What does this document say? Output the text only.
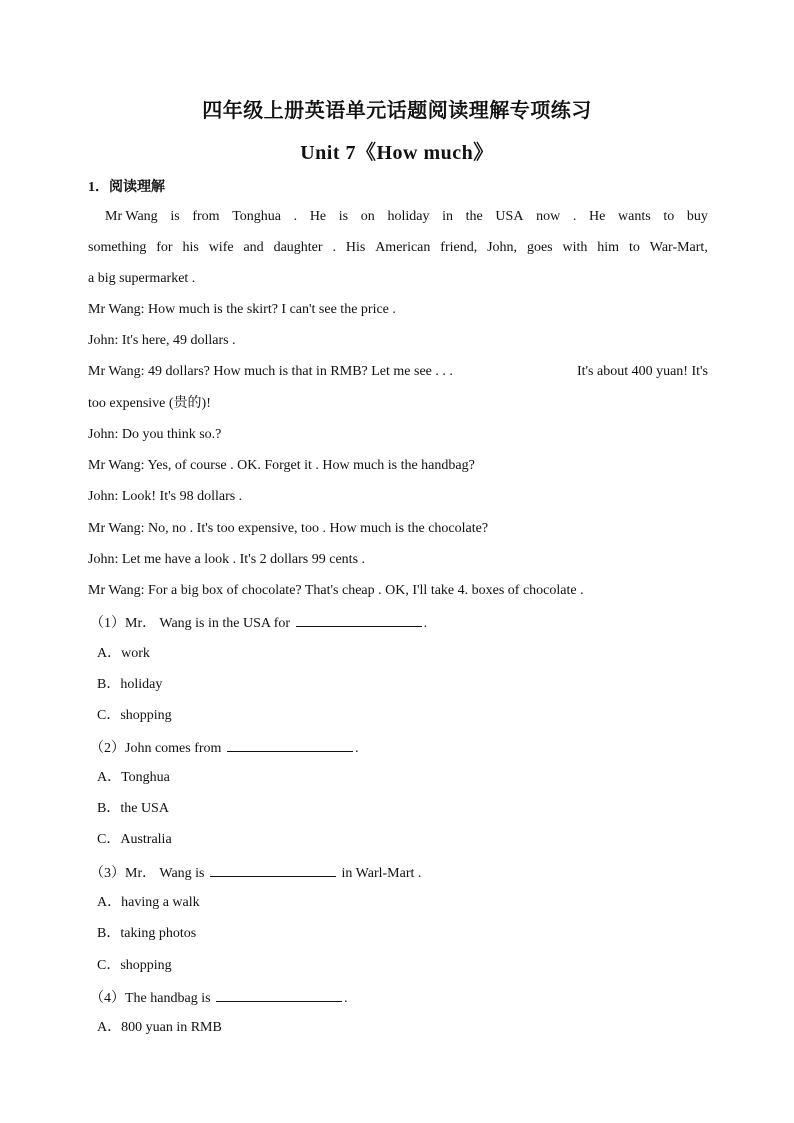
四年级上册英语单元话题阅读理解专项练习
Unit 7《How much》
1．阅读理解
Mr Wang is from Tonghua . He is on holiday in the USA now . He wants to buy
something for his wife and daughter . His American friend, John, goes with him to War-Mart,
a big supermarket .
Mr Wang: How much is the skirt? I can't see the price .
John: It's here, 49 dollars .
Mr Wang: 49 dollars? How much is that in RMB? Let me see . . .	It's about 400 yuan! It's
too expensive (贵的)!
John: Do you think so.?
Mr Wang: Yes, of course . OK. Forget it . How much is the handbag?
John: Look! It's 98 dollars .
Mr Wang: No, no . It's too expensive, too . How much is the chocolate?
John: Let me have a look . It's 2 dollars 99 cents .
Mr Wang: For a big box of chocolate? That's cheap . OK, I'll take 4. boxes of chocolate .
（1）Mr． Wang is in the USA for	.
A．work
B．holiday
C．shopping
（2）John comes from	.
A．Tonghua
B．the USA
C．Australia
（3）Mr． Wang is	in Warl-Mart .
A．having a walk
B．taking photos
C．shopping
（4）The handbag is	.
A．800 yuan in RMB
